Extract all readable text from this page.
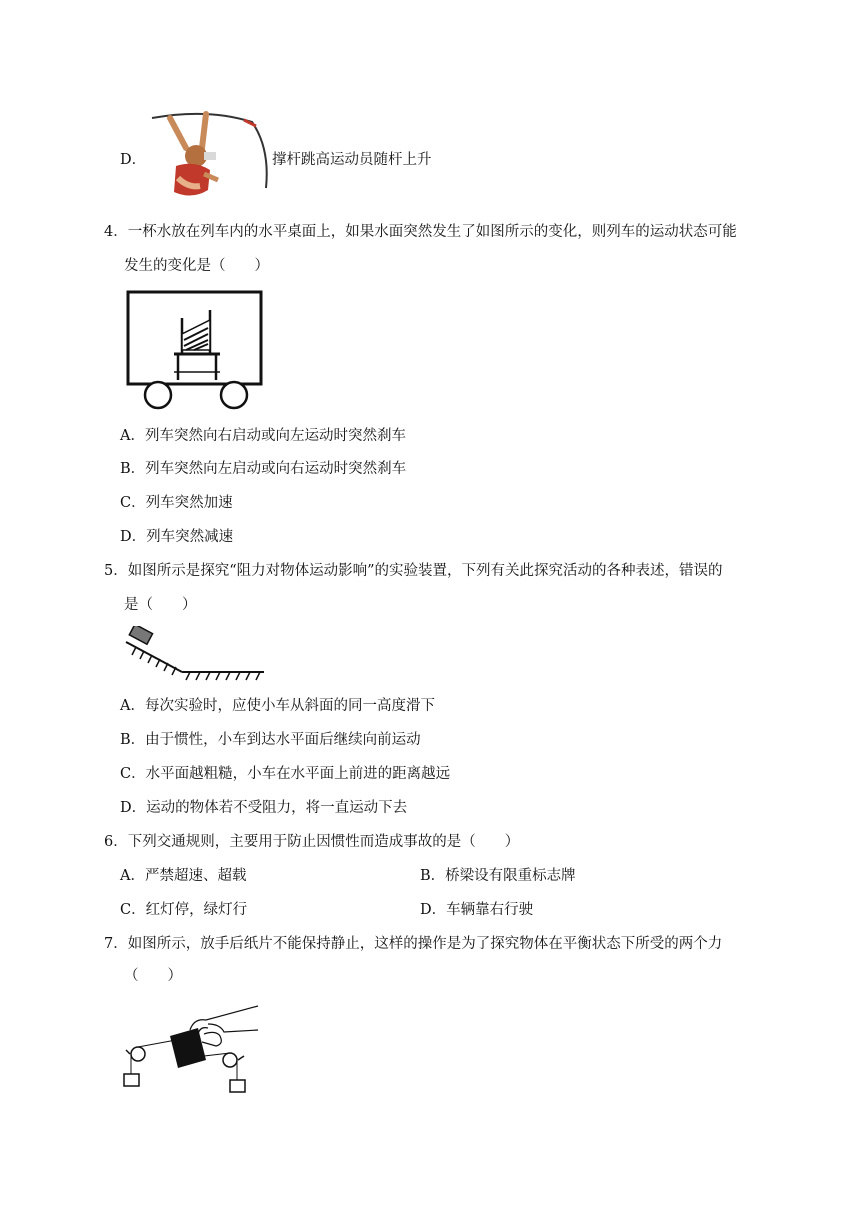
D．	撑杆跳高运动员随杆上升
4．一杯水放在列车内的水平桌面上，如果水面突然发生了如图所示的变化，则列车的运动状态可能
发生的变化是（　　）
A．列车突然向右启动或向左运动时突然刹车
B．列车突然向左启动或向右运动时突然刹车
C．列车突然加速
D．列车突然减速
5．如图所示是探究“阻力对物体运动影响”的实验装置，下列有关此探究活动的各种表述，错误的
是（　　）
A．每次实验时，应使小车从斜面的同一高度滑下
B．由于惯性，小车到达水平面后继续向前运动
C．水平面越粗糙，小车在水平面上前进的距离越远
D．运动的物体若不受阻力，将一直运动下去
6．下列交通规则，主要用于防止因惯性而造成事故的是（　　）
A．严禁超速、超载	B．桥梁设有限重标志牌
C．红灯停，绿灯行	D．车辆靠右行驶
7．如图所示，放手后纸片不能保持静止，这样的操作是为了探究物体在平衡状态下所受的两个力
（　　）
